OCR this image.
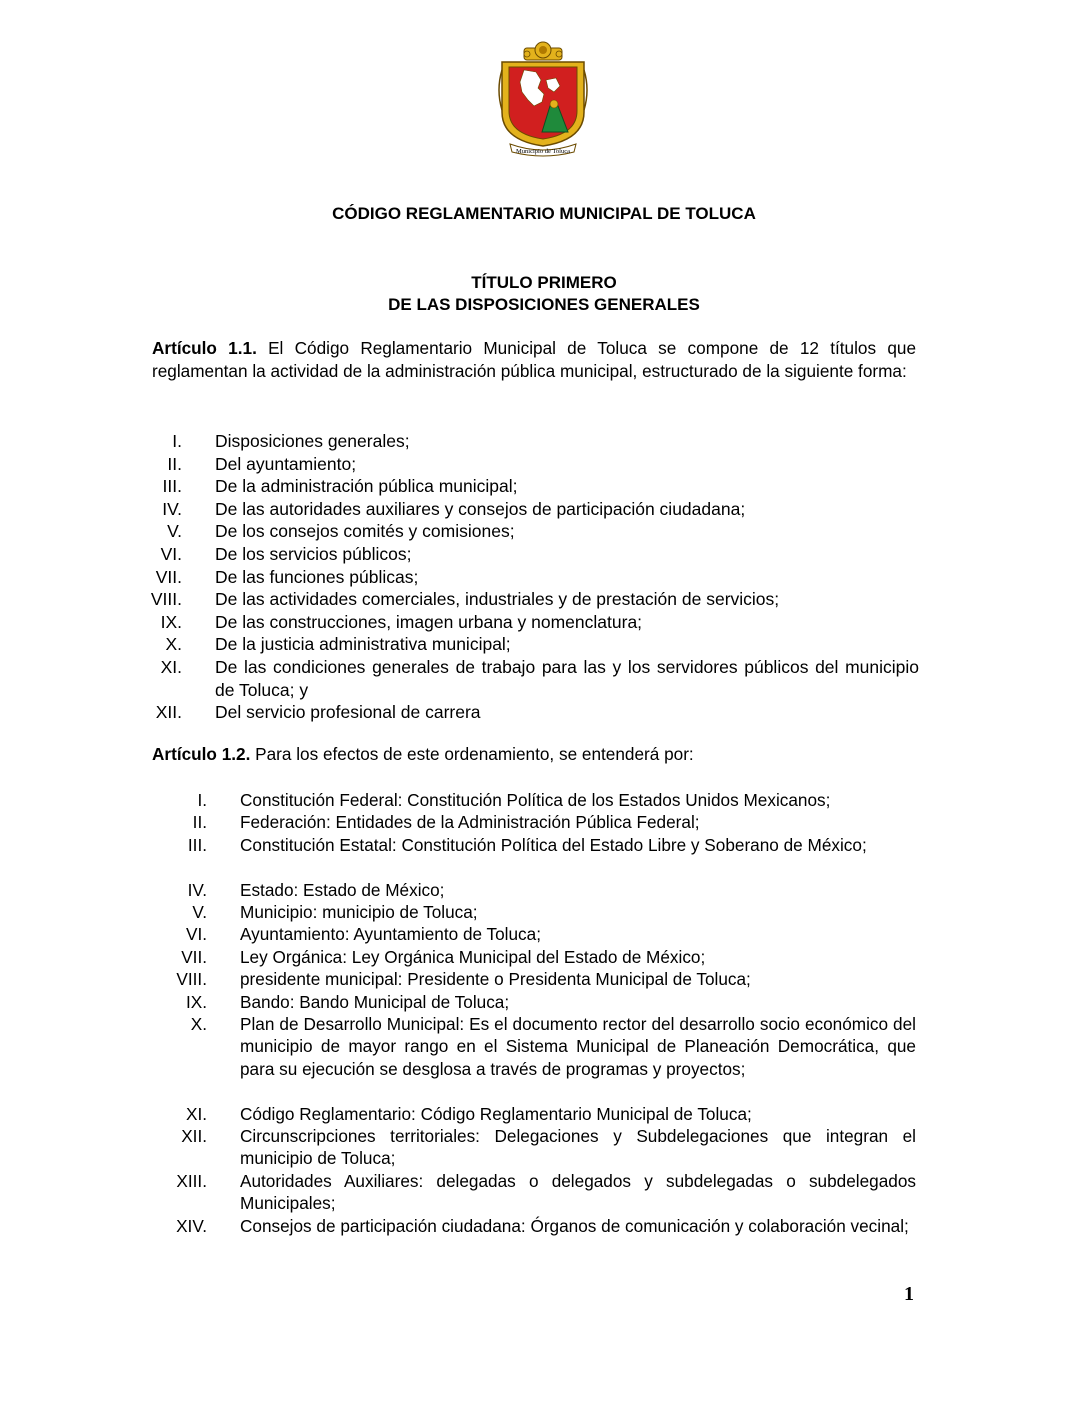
Municipio de Toluca
CÓDIGO REGLAMENTARIO MUNICIPAL DE TOLUCA
TÍTULO PRIMERO
DE LAS DISPOSICIONES GENERALES
Artículo 1.1. El Código Reglamentario Municipal de Toluca se compone de 12 títulos que reglamentan la actividad de la administración pública municipal, estructurado de la siguiente forma:
I. Disposiciones generales;
II. Del ayuntamiento;
III. De la administración pública municipal;
IV. De las autoridades auxiliares y consejos de participación ciudadana;
V. De los consejos comités y comisiones;
VI. De los servicios públicos;
VII. De las funciones públicas;
VIII. De las actividades comerciales, industriales y de prestación de servicios;
IX. De las construcciones, imagen urbana y nomenclatura;
X. De la justicia administrativa municipal;
XI. De las condiciones generales de trabajo para las y los servidores públicos del municipio de Toluca; y
XII. Del servicio profesional de carrera
Artículo 1.2. Para los efectos de este ordenamiento, se entenderá por:
I. Constitución Federal: Constitución Política de los Estados Unidos Mexicanos;
II. Federación: Entidades de la Administración Pública Federal;
III. Constitución Estatal: Constitución Política del Estado Libre y Soberano de México;
IV. Estado: Estado de México;
V. Municipio: municipio de Toluca;
VI. Ayuntamiento: Ayuntamiento de Toluca;
VII. Ley Orgánica: Ley Orgánica Municipal del Estado de México;
VIII. presidente municipal: Presidente o Presidenta Municipal de Toluca;
IX. Bando: Bando Municipal de Toluca;
X. Plan de Desarrollo Municipal: Es el documento rector del desarrollo socio económico del municipio de mayor rango en el Sistema Municipal de Planeación Democrática, que para su ejecución se desglosa a través de programas y proyectos;
XI. Código Reglamentario: Código Reglamentario Municipal de Toluca;
XII. Circunscripciones territoriales: Delegaciones y Subdelegaciones que integran el municipio de Toluca;
XIII. Autoridades Auxiliares: delegadas o delegados y subdelegadas o subdelegados Municipales;
XIV. Consejos de participación ciudadana: Órganos de comunicación y colaboración vecinal;
1
